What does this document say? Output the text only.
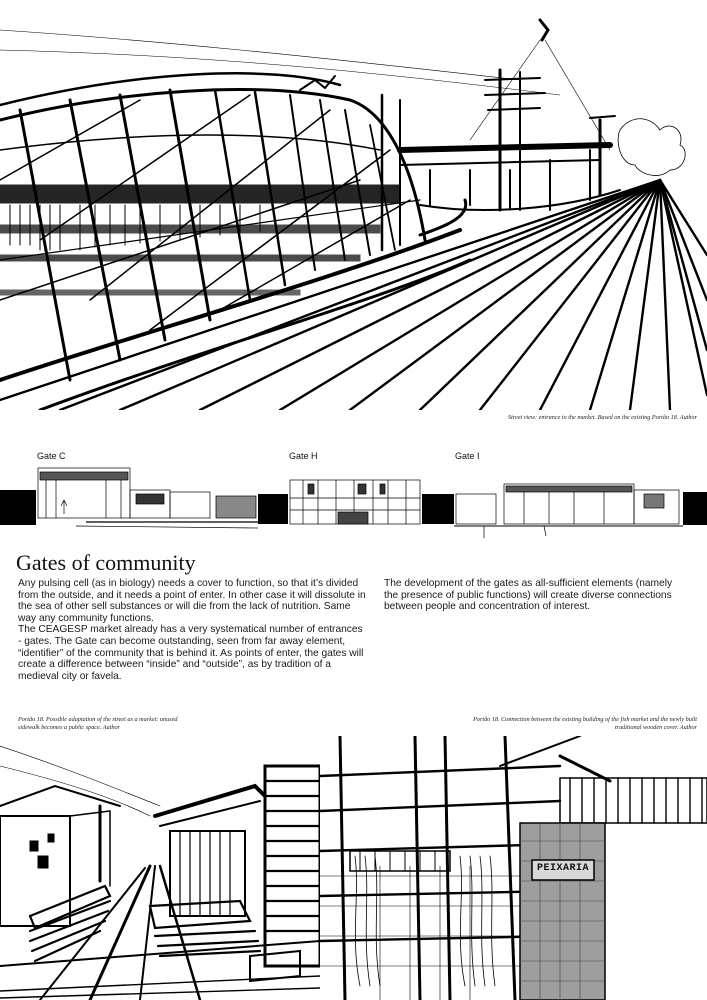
Street view: entrance to the market. Based on the existing Portão 18. Author
Gate C	Gate H	Gate I
Gates of community

Any pulsing cell (as in biology) needs a cover to function, so that it’s divided from the outside, and it needs a point of enter. In other case it will dissolute in the sea of other sell substances or will die from the lack of nutrition. Same way any community functions.

The CEAGESP market already has a very systematical number of entrances - gates. The Gate can become outstanding, seen from far away element, “identifier” of the community that is behind it. As points of enter, the gates will create a difference between “inside” and “outside”, as by tradition of a medieval city or favela.

The development of the gates as all-sufficient elements (namely the presence of public functions) will create diverse connections between people and concentration of interest.

Portão 18. Possible adaptation of the street as a market: unused sidewalk becomes a public space. Author
Portão 18. Connection between the existing building of the fish market and the newly built traditional wooden cover. Author
PEIXARIA
